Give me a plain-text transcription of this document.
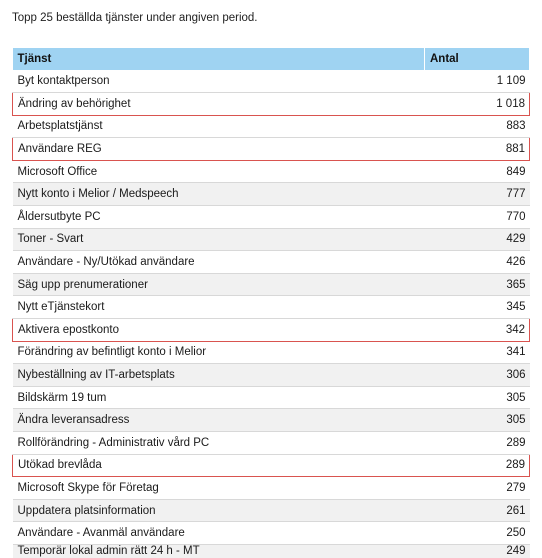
Topp 25 beställda tjänster under angiven period.
Tjänst	Antal
Byt kontaktperson	1 109
Ändring av behörighet	1 018
Arbetsplatstjänst	883
Användare REG	881
Microsoft Office	849
Nytt konto i Melior / Medspeech	777
Åldersutbyte PC	770
Toner - Svart	429
Användare - Ny/Utökad användare	426
Säg upp prenumerationer	365
Nytt eTjänstekort	345
Aktivera epostkonto	342
Förändring av befintligt konto i Melior	341
Nybeställning av IT-arbetsplats	306
Bildskärm 19 tum	305
Ändra leveransadress	305
Rollförändring - Administrativ vård PC	289
Utökad brevlåda	289
Microsoft Skype för Företag	279
Uppdatera platsinformation	261
Användare - Avanmäl användare	250
Temporär lokal admin rätt 24 h - MT	249
